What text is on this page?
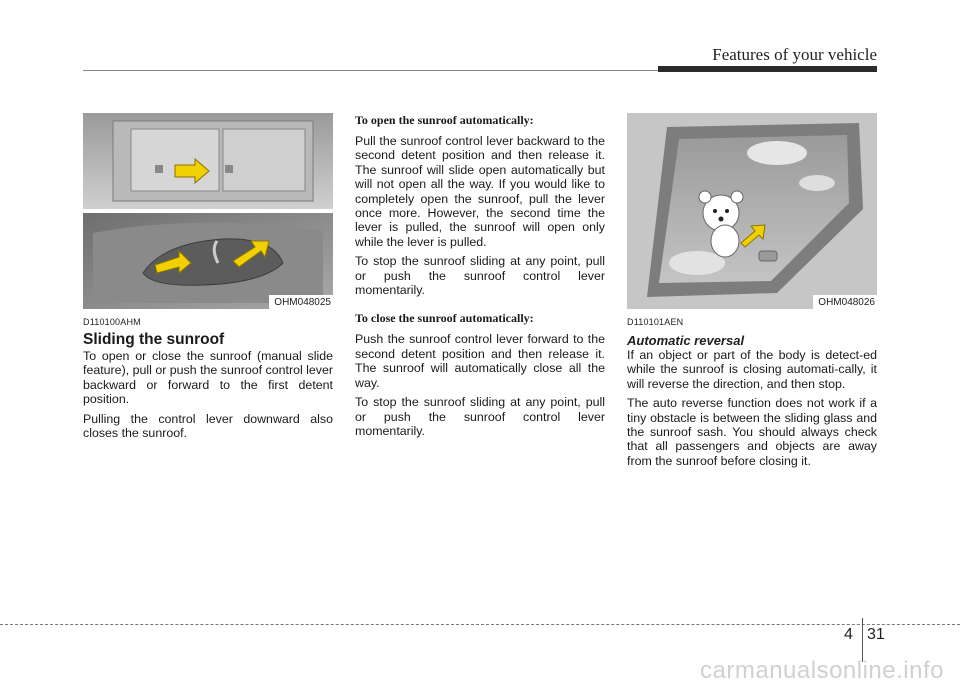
Features of your vehicle
OHM048025
D110100AHM
Sliding the sunroof

To open or close the sunroof (manual slide feature), pull or push the sunroof control lever backward or forward to the first detent position.

Pulling the control lever downward also closes the sunroof.

To open the sunroof automatically:

Pull the sunroof control lever backward to the second detent position and then release it. The sunroof will slide open automatically but will not open all the way. If you would like to completely open the sunroof, pull the lever once more. However, the second time the lever is pulled, the sunroof will open only while the lever is pulled.

To stop the sunroof sliding at any point, pull or push the sunroof control lever momentarily.

To close the sunroof automatically:

Push the sunroof control lever forward to the second detent position and then release it. The sunroof will automatically close all the way.

To stop the sunroof sliding at any point, pull or push the sunroof control lever momentarily.

OHM048026
D110101AEN
Automatic reversal

If an object or part of the body is detect-ed while the sunroof is closing automati-cally, it will reverse the direction, and then stop.

The auto reverse function does not work if a tiny obstacle is between the sliding glass and the sunroof sash. You should always check that all passengers and objects are away from the sunroof before closing it.

4 31
carmanualsonline.info
